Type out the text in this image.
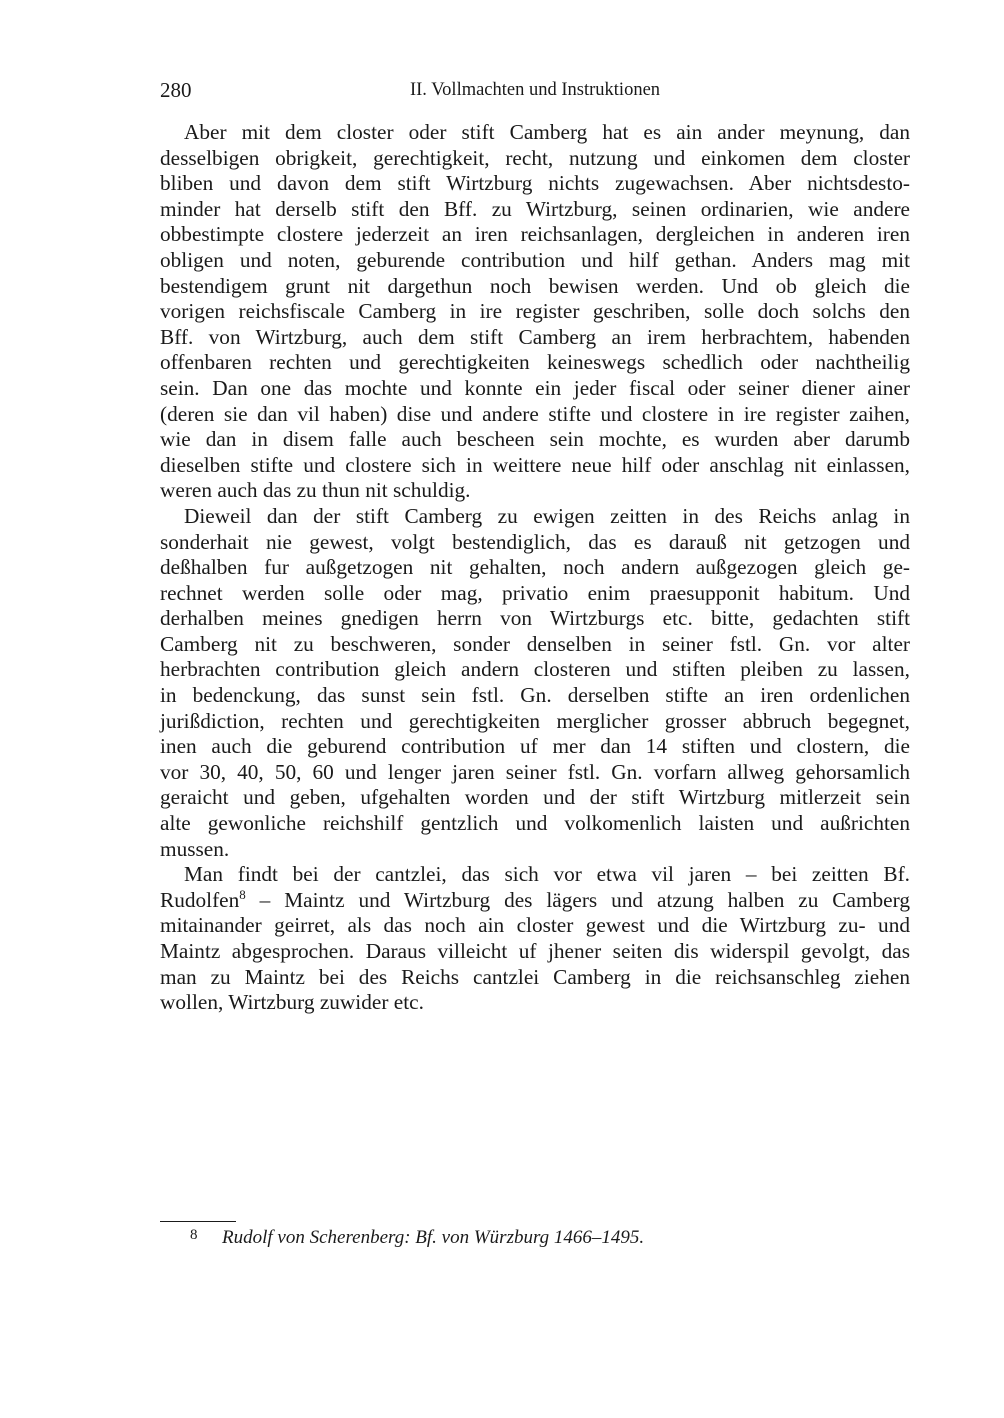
280	II. Vollmachten und Instruktionen
Aber mit dem closter oder stift Camberg hat es ain ander meynung, dan
desselbigen obrigkeit, gerechtigkeit, recht, nutzung und einkomen dem closter
bliben und davon dem stift Wirtzburg nichts zugewachsen. Aber nichtsdesto-
minder hat derselb stift den Bff. zu Wirtzburg, seinen ordinarien, wie andere
obbestimpte clostere jederzeit an iren reichsanlagen, dergleichen in anderen iren
obligen und noten, geburende contribution und hilf gethan. Anders mag mit
bestendigem grunt nit dargethun noch bewisen werden. Und ob gleich die
vorigen reichsfiscale Camberg in ire register geschriben, solle doch solchs den
Bff. von Wirtzburg, auch dem stift Camberg an irem herbrachtem, habenden
offenbaren rechten und gerechtigkeiten keineswegs schedlich oder nachtheilig
sein. Dan one das mochte und konnte ein jeder fiscal oder seiner diener ainer
(deren sie dan vil haben) dise und andere stifte und clostere in ire register zaihen,
wie dan in disem falle auch bescheen sein mochte, es wurden aber darumb
dieselben stifte und clostere sich in weittere neue hilf oder anschlag nit einlassen,
weren auch das zu thun nit schuldig.
Dieweil dan der stift Camberg zu ewigen zeitten in des Reichs anlag in
sonderhait nie gewest, volgt bestendiglich, das es darauß nit getzogen und
deßhalben fur außgetzogen nit gehalten, noch andern außgezogen gleich ge-
rechnet werden solle oder mag, privatio enim praesupponit habitum. Und
derhalben meines gnedigen herrn von Wirtzburgs etc. bitte, gedachten stift
Camberg nit zu beschweren, sonder denselben in seiner fstl. Gn. vor alter
herbrachten contribution gleich andern closteren und stiften pleiben zu lassen,
in bedenckung, das sunst sein fstl. Gn. derselben stifte an iren ordenlichen
jurißdiction, rechten und gerechtigkeiten merglicher grosser abbruch begegnet,
inen auch die geburend contribution uf mer dan 14 stiften und clostern, die
vor 30, 40, 50, 60 und lenger jaren seiner fstl. Gn. vorfarn allweg gehorsamlich
geraicht und geben, ufgehalten worden und der stift Wirtzburg mitlerzeit sein
alte gewonliche reichshilf gentzlich und volkomenlich laisten und außrichten
mussen.
Man findt bei der cantzlei, das sich vor etwa vil jaren – bei zeitten Bf.
Rudolfen$^8$ – Maintz und Wirtzburg des lägers und atzung halben zu Camberg
mitainander geirret, als das noch ain closter gewest und die Wirtzburg zu- und
Maintz abgesprochen. Daraus villeicht uf jhener seiten dis widerspil gevolgt, das
man zu Maintz bei des Reichs cantzlei Camberg in die reichsanschleg ziehen
wollen, Wirtzburg zuwider etc.
8 Rudolf von Scherenberg: Bf. von Würzburg 1466–1495.
